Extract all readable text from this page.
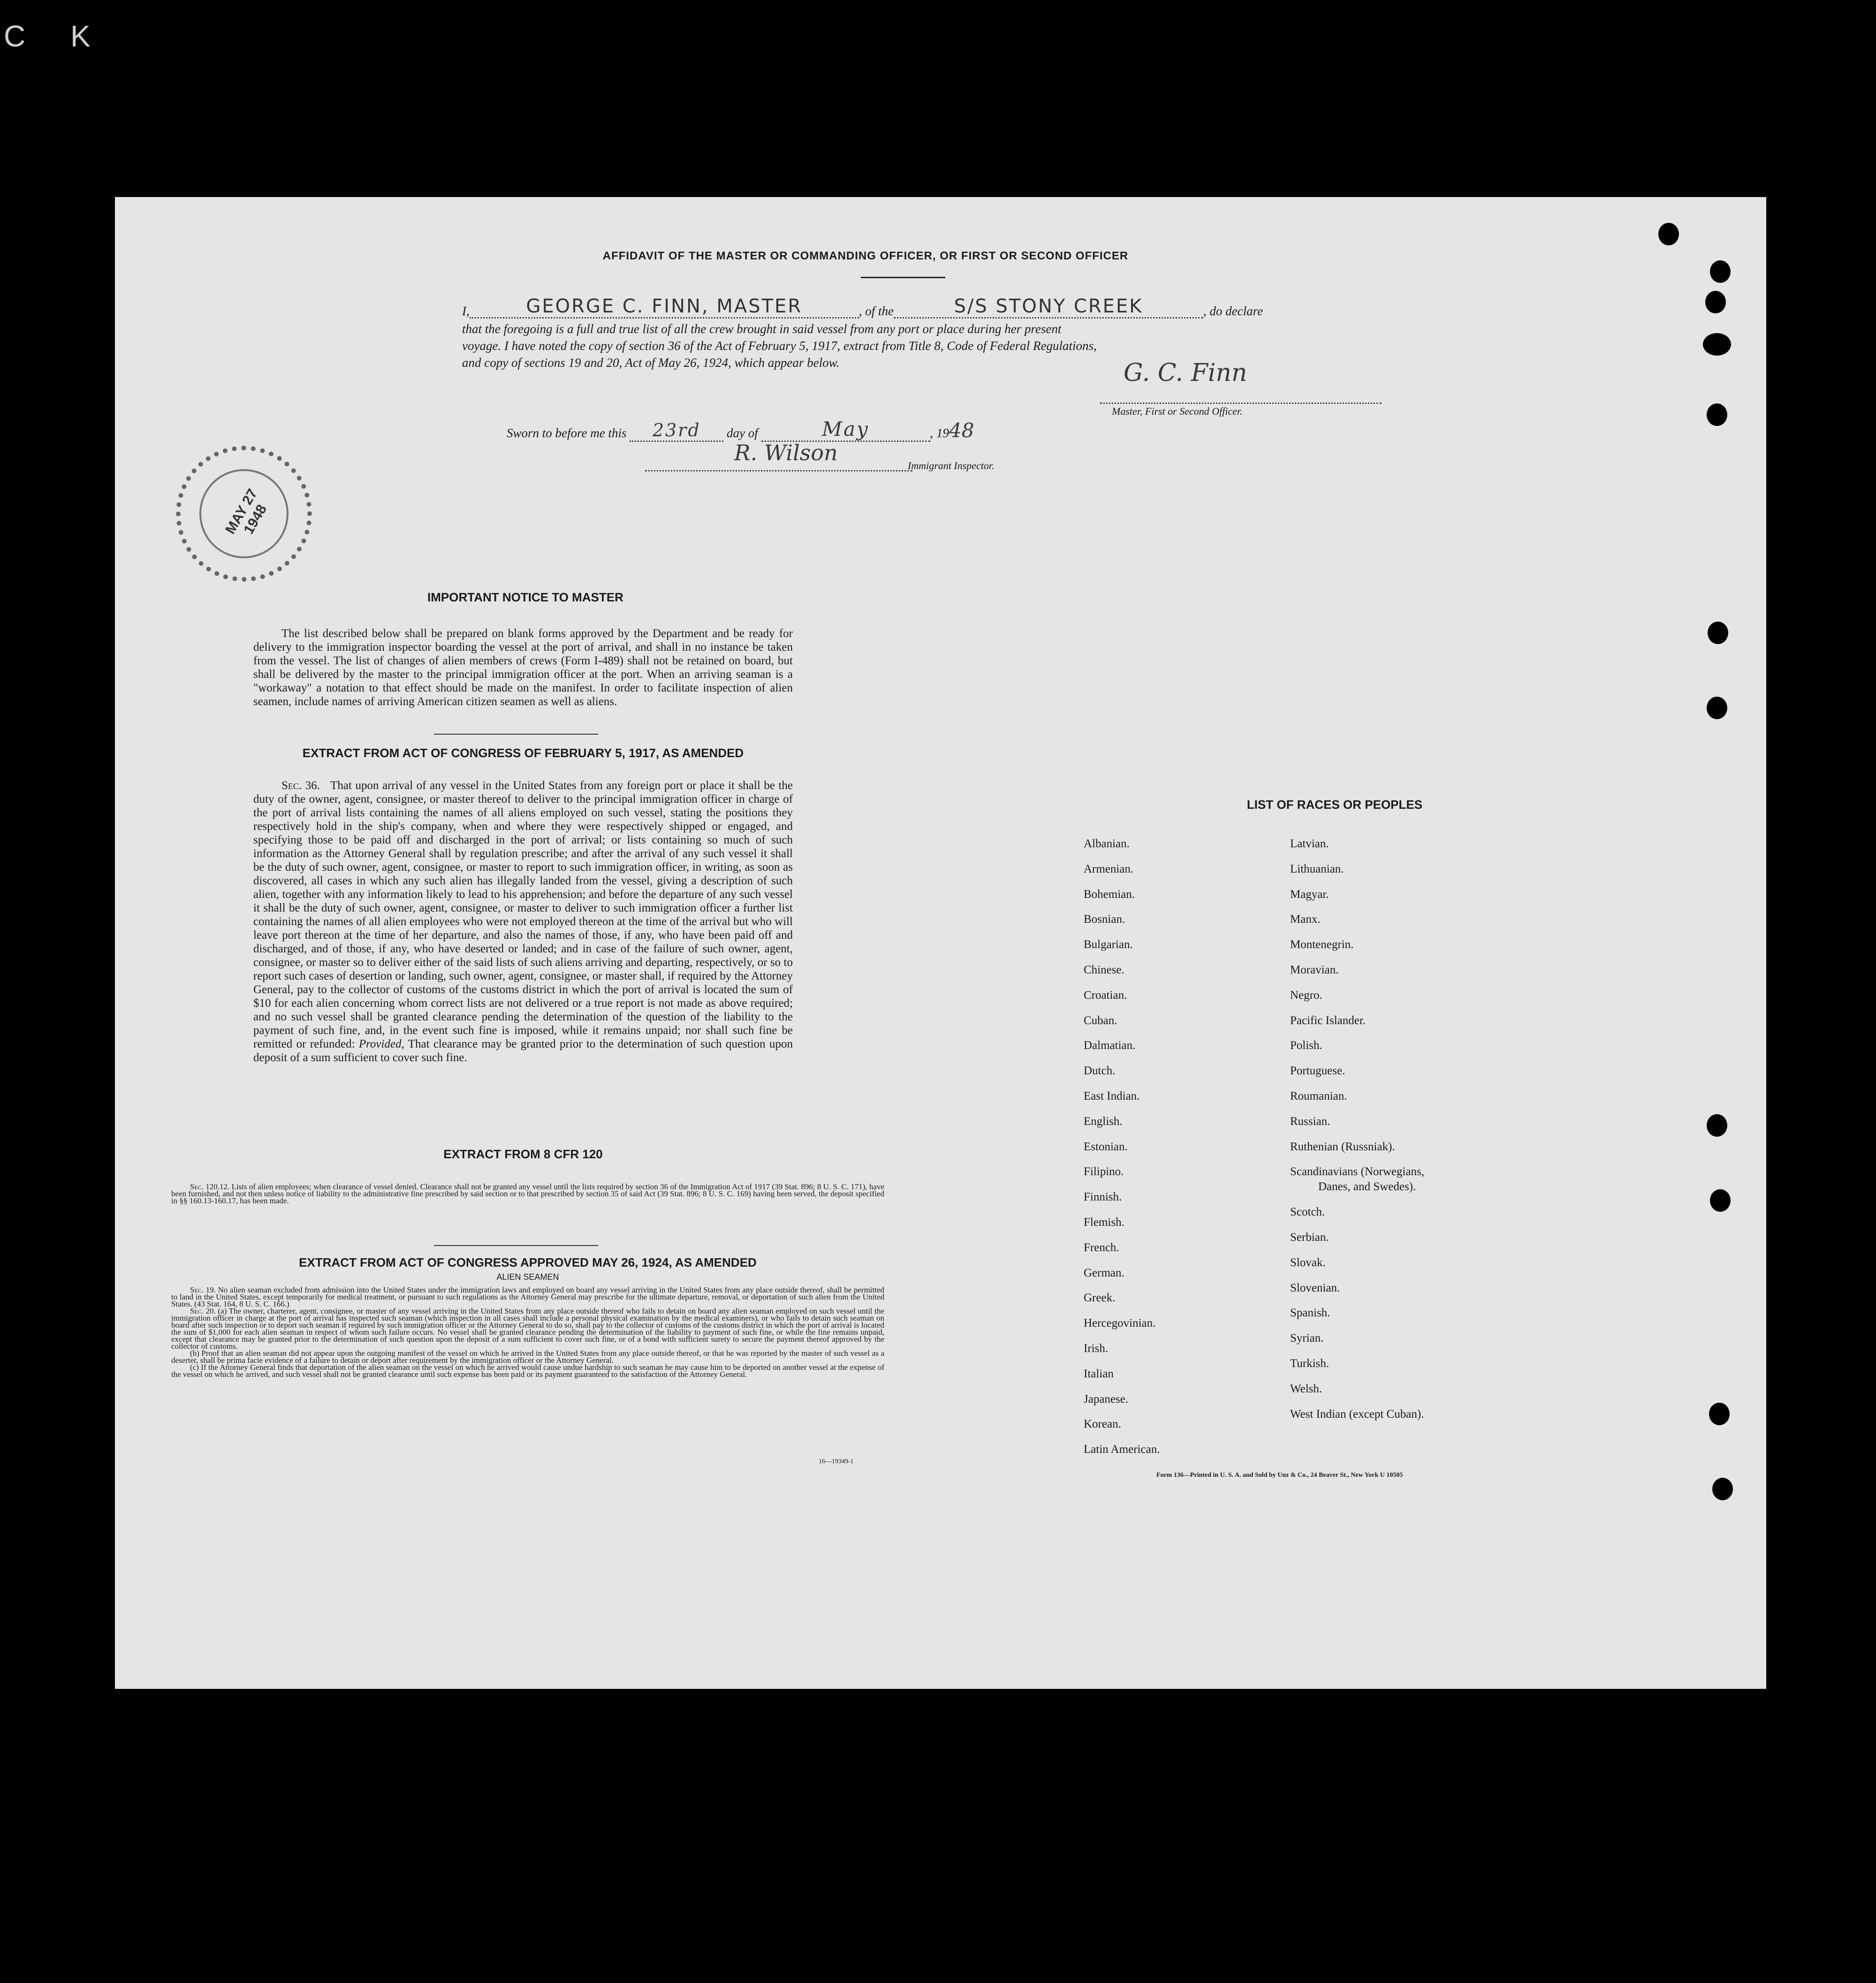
K
C
AFFIDAVIT OF THE MASTER OR COMMANDING OFFICER, OR FIRST OR SECOND OFFICER
I,	GEORGE C. FINN, MASTER	, of the	S/S STONY CREEK	, do declare
that the foregoing is a full and true list of all the crew brought in said vessel from any port or place during her present
voyage. I have noted the copy of section 36 of the Act of February 5, 1917, extract from Title 8, Code of Federal Regulations,
and copy of sections 19 and 20, Act of May 26, 1924, which appear below.	G. C. Finn
Master, First or Second Officer.
Sworn to before me this 23rd day of	May	, 1948
R. Wilson
Immigrant Inspector.
MAY 27 1948
IMPORTANT NOTICE TO MASTER

The list described below shall be prepared on blank forms approved by the Department and be ready for delivery to the immigration inspector boarding the vessel at the port of arrival, and shall in no instance be taken from the vessel. The list of changes of alien members of crews (Form I-489) shall not be retained on board, but shall be delivered by the master to the principal immigration officer at the port. When an arriving seaman is a "workaway" a notation to that effect should be made on the manifest. In order to facilitate inspection of alien seamen, include names of arriving American citizen seamen as well as aliens.

EXTRACT FROM ACT OF CONGRESS OF FEBRUARY 5, 1917, AS AMENDED

Sec. 36. That upon arrival of any vessel in the United States from any foreign port or place it shall be the duty of the owner, agent, consignee, or master thereof to deliver to the principal immigration officer in charge of the port of arrival lists containing the names of all aliens employed on such vessel, stating the positions they respectively hold in the ship's company, when and where they were respectively shipped or engaged, and specifying those to be paid off and discharged in the port of arrival; or lists containing so much of such information as the Attorney General shall by regulation prescribe; and after the arrival of any such vessel it shall be the duty of such owner, agent, consignee, or master to report to such immigration officer, in writing, as soon as discovered, all cases in which any such alien has illegally landed from the vessel, giving a description of such alien, together with any information likely to lead to his apprehension; and before the departure of any such vessel it shall be the duty of such owner, agent, consignee, or master to deliver to such immigration officer a further list containing the names of all alien employees who were not employed thereon at the time of the arrival but who will leave port thereon at the time of her departure, and also the names of those, if any, who have been paid off and discharged, and of those, if any, who have deserted or landed; and in case of the failure of such owner, agent, consignee, or master so to deliver either of the said lists of such aliens arriving and departing, respectively, or so to report such cases of desertion or landing, such owner, agent, consignee, or master shall, if required by the Attorney General, pay to the collector of customs of the customs district in which the port of arrival is located the sum of $10 for each alien concerning whom correct lists are not delivered or a true report is not made as above required; and no such vessel shall be granted clearance pending the determination of the question of the liability to the payment of such fine, and, in the event such fine is imposed, while it remains unpaid; nor shall such fine be remitted or refunded: Provided, That clearance may be granted prior to the determination of such question upon deposit of a sum sufficient to cover such fine.

EXTRACT FROM 8 CFR 120

Sec. 120.12. Lists of alien employees; when clearance of vessel denied. Clearance shall not be granted any vessel until the lists required by section 36 of the Immigration Act of 1917 (39 Stat. 896; 8 U. S. C. 171), have been furnished, and not then unless notice of liability to the administrative fine prescribed by said section or to that prescribed by section 35 of said Act (39 Stat. 896; 8 U. S. C. 169) having been served, the deposit specified in §§ 160.13-160.17, has been made.

EXTRACT FROM ACT OF CONGRESS APPROVED MAY 26, 1924, AS AMENDED
ALIEN SEAMEN

Sec. 19. No alien seaman excluded from admission into the United States under the immigration laws and employed on board any vessel arriving in the United States from any place outside thereof, shall be permitted to land in the United States, except temporarily for medical treatment, or pursuant to such regulations as the Attorney General may prescribe for the ultimate departure, removal, or deportation of such alien from the United States. (43 Stat. 164, 8 U. S. C. 166.)

Sec. 20. (a) The owner, charterer, agent, consignee, or master of any vessel arriving in the United States from any place outside thereof who fails to detain on board any alien seaman employed on such vessel until the immigration officer in charge at the port of arrival has inspected such seaman (which inspection in all cases shall include a personal physical examination by the medical examiners), or who fails to detain such seaman on board after such inspection or to deport such seaman if required by such immigration officer or the Attorney General to do so, shall pay to the collector of customs of the customs district in which the port of arrival is located the sum of $1,000 for each alien seaman in respect of whom such failure occurs. No vessel shall be granted clearance pending the determination of the liability to payment of such fine, or while the fine remains unpaid, except that clearance may be granted prior to the determination of such question upon the deposit of a sum sufficient to cover such fine, or of a bond with sufficient surety to secure the payment thereof approved by the collector of customs.

(b) Proof that an alien seaman did not appear upon the outgoing manifest of the vessel on which he arrived in the United States from any place outside thereof, or that he was reported by the master of such vessel as a deserter, shall be prima facie evidence of a failure to detain or deport after requirement by the immigration officer or the Attorney General.

(c) If the Attorney General finds that deportation of the alien seaman on the vessel on which he arrived would cause undue hardship to such seaman he may cause him to be deported on another vessel at the expense of the vessel on which he arrived, and such vessel shall not be granted clearance until such expense has been paid or its payment guaranteed to the satisfaction of the Attorney General.

16—19349-1
LIST OF RACES OR PEOPLES
Albanian.
Armenian.
Bohemian.
Bosnian.
Bulgarian.
Chinese.
Croatian.
Cuban.
Dalmatian.
Dutch.
East Indian.
English.
Estonian.
Filipino.
Finnish.
Flemish.
French.
German.
Greek.
Hercegovinian.
Irish.
Italian
Japanese.
Korean.
Latin American.
Latvian.
Lithuanian.
Magyar.
Manx.
Montenegrin.
Moravian.
Negro.
Pacific Islander.
Polish.
Portuguese.
Roumanian.
Russian.
Ruthenian (Russniak).
Scandinavians (Norwegians,
Danes, and Swedes).
Scotch.
Serbian.
Slovak.
Slovenian.
Spanish.
Syrian.
Turkish.
Welsh.
West Indian (except Cuban).
Form 136—Printed in U. S. A. and Sold by Unz & Co., 24 Beaver St., New York U 10505
